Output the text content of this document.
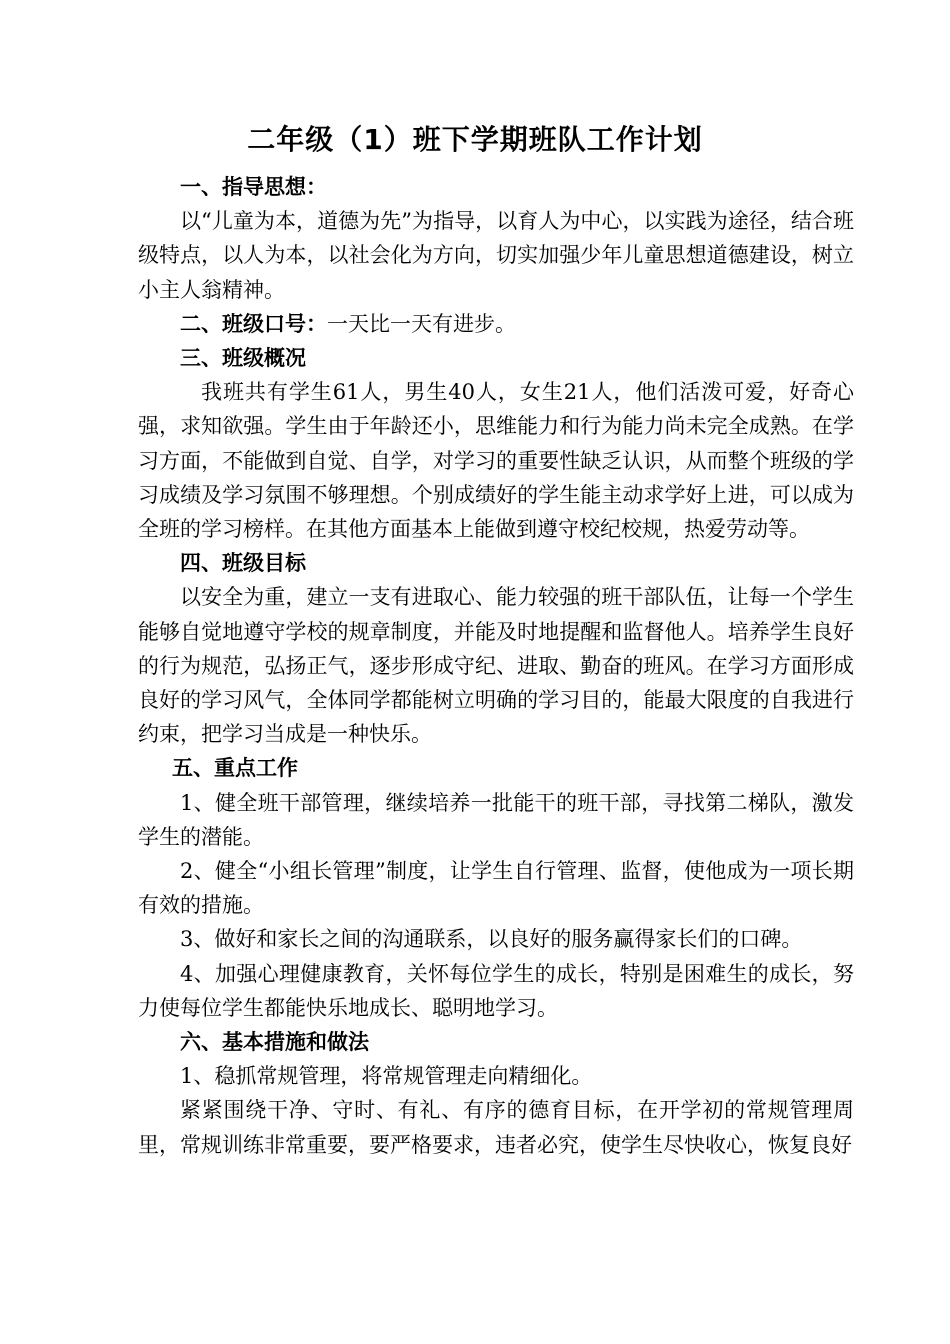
二年级（1）班下学期班队工作计划

一、指导思想：

以“儿童为本，道德为先”为指导，以育人为中心，以实践为途径，结合班级特点，以人为本，以社会化为方向，切实加强少年儿童思想道德建设，树立小主人翁精神。

二、班级口号：一天比一天有进步。

三、班级概况

我班共有学生61人，男生40人，女生21人，他们活泼可爱，好奇心强，求知欲强。学生由于年龄还小，思维能力和行为能力尚未完全成熟。在学习方面，不能做到自觉、自学，对学习的重要性缺乏认识，从而整个班级的学习成绩及学习氛围不够理想。个别成绩好的学生能主动求学好上进，可以成为全班的学习榜样。在其他方面基本上能做到遵守校纪校规，热爱劳动等。

四、班级目标

以安全为重，建立一支有进取心、能力较强的班干部队伍，让每一个学生能够自觉地遵守学校的规章制度，并能及时地提醒和监督他人。培养学生良好的行为规范，弘扬正气，逐步形成守纪、进取、勤奋的班风。在学习方面形成良好的学习风气，全体同学都能树立明确的学习目的，能最大限度的自我进行约束，把学习当成是一种快乐。

五、重点工作

1、健全班干部管理，继续培养一批能干的班干部，寻找第二梯队，激发学生的潜能。

2、健全“小组长管理”制度，让学生自行管理、监督，使他成为一项长期有效的措施。

3、做好和家长之间的沟通联系，以良好的服务赢得家长们的口碑。

4、加强心理健康教育，关怀每位学生的成长，特别是困难生的成长，努力使每位学生都能快乐地成长、聪明地学习。

六、基本措施和做法

1、稳抓常规管理，将常规管理走向精细化。

紧紧围绕干净、守时、有礼、有序的德育目标，在开学初的常规管理周里，常规训练非常重要，要严格要求，违者必究，使学生尽快收心，恢复良好
